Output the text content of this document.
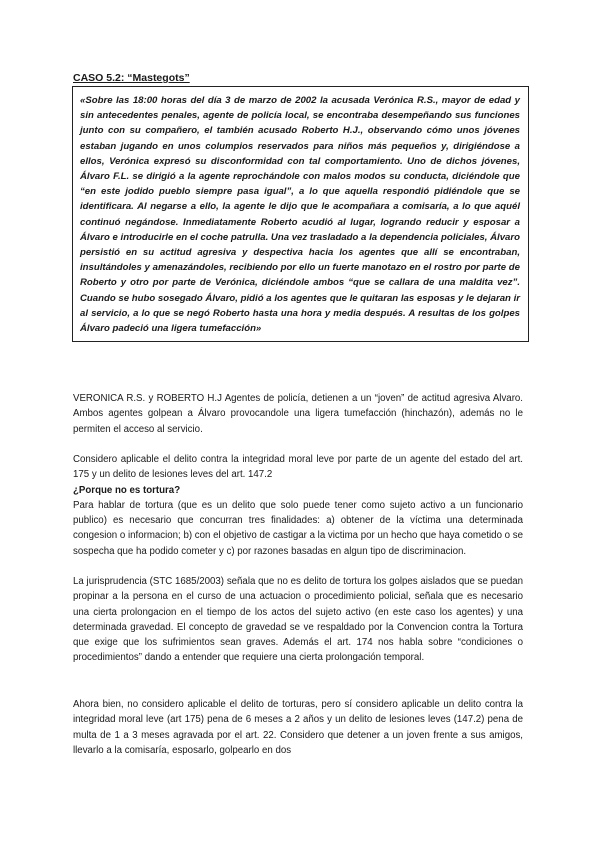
CASO 5.2: “Mastegots”

«Sobre las 18:00 horas del día 3 de marzo de 2002 la acusada Verónica R.S., mayor de edad y sin antecedentes penales, agente de policía local, se encontraba desempeñando sus funciones junto con su compañero, el también acusado Roberto H.J., observando cómo unos jóvenes estaban jugando en unos columpios reservados para niños más pequeños y, dirigiéndose a ellos, Verónica expresó su disconformidad con tal comportamiento. Uno de dichos jóvenes, Álvaro F.L. se dirigió a la agente reprochándole con malos modos su conducta, diciéndole que “en este jodido pueblo siempre pasa igual”, a lo que aquella respondió pidiéndole que se identificara. Al negarse a ello, la agente le dijo que le acompañara a comisaría, a lo que aquél continuó negándose. Inmediatamente Roberto acudió al lugar, logrando reducir y esposar a Álvaro e introducirle en el coche patrulla. Una vez trasladado a la dependencia policiales, Álvaro persistió en su actitud agresiva y despectiva hacia los agentes que allí se encontraban, insultándoles y amenazándoles, recibiendo por ello un fuerte manotazo en el rostro por parte de Roberto y otro por parte de Verónica, diciéndole ambos “que se callara de una maldita vez”. Cuando se hubo sosegado Álvaro, pidió a los agentes que le quitaran las esposas y le dejaran ir al servicio, a lo que se negó Roberto hasta una hora y media después. A resultas de los golpes Álvaro padeció una ligera tumefacción»

VERONICA R.S. y ROBERTO H.J Agentes de policía, detienen a un “joven” de actitud agresiva Alvaro. Ambos agentes golpean a Álvaro provocandole una ligera tumefacción (hinchazón), además no le permiten el acceso al servicio.

Considero aplicable el delito contra la integridad moral leve por parte de un agente del estado del art. 175 y un delito de lesiones leves del art. 147.2

¿Porque no es tortura?

Para hablar de tortura (que es un delito que solo puede tener como sujeto activo a un funcionario publico) es necesario que concurran tres finalidades: a) obtener de la víctima una determinada congesion o informacion; b) con el objetivo de castigar a la victima por un hecho que haya cometido o se sospecha que ha podido cometer y c) por razones basadas en algun tipo de discriminacion.

La jurisprudencia (STC 1685/2003) señala que no es delito de tortura los golpes aislados que se puedan propinar a la persona en el curso de una actuacion o procedimiento policial, señala que es necesario una cierta prolongacion en el tiempo de los actos del sujeto activo (en este caso los agentes) y una determinada gravedad. El concepto de gravedad se ve respaldado por la Convencion contra la Tortura que exige que los sufrimientos sean graves. Además el art. 174 nos habla sobre “condiciones o procedimientos” dando a entender que requiere una cierta prolongación temporal.

Ahora bien, no considero aplicable el delito de torturas, pero sí considero aplicable un delito contra la integridad moral leve (art 175) pena de 6 meses a 2 años y un delito de lesiones leves (147.2) pena de multa de 1 a 3 meses agravada por el art. 22. Considero que detener a un joven frente a sus amigos, llevarlo a la comisaría, esposarlo, golpearlo en dos
